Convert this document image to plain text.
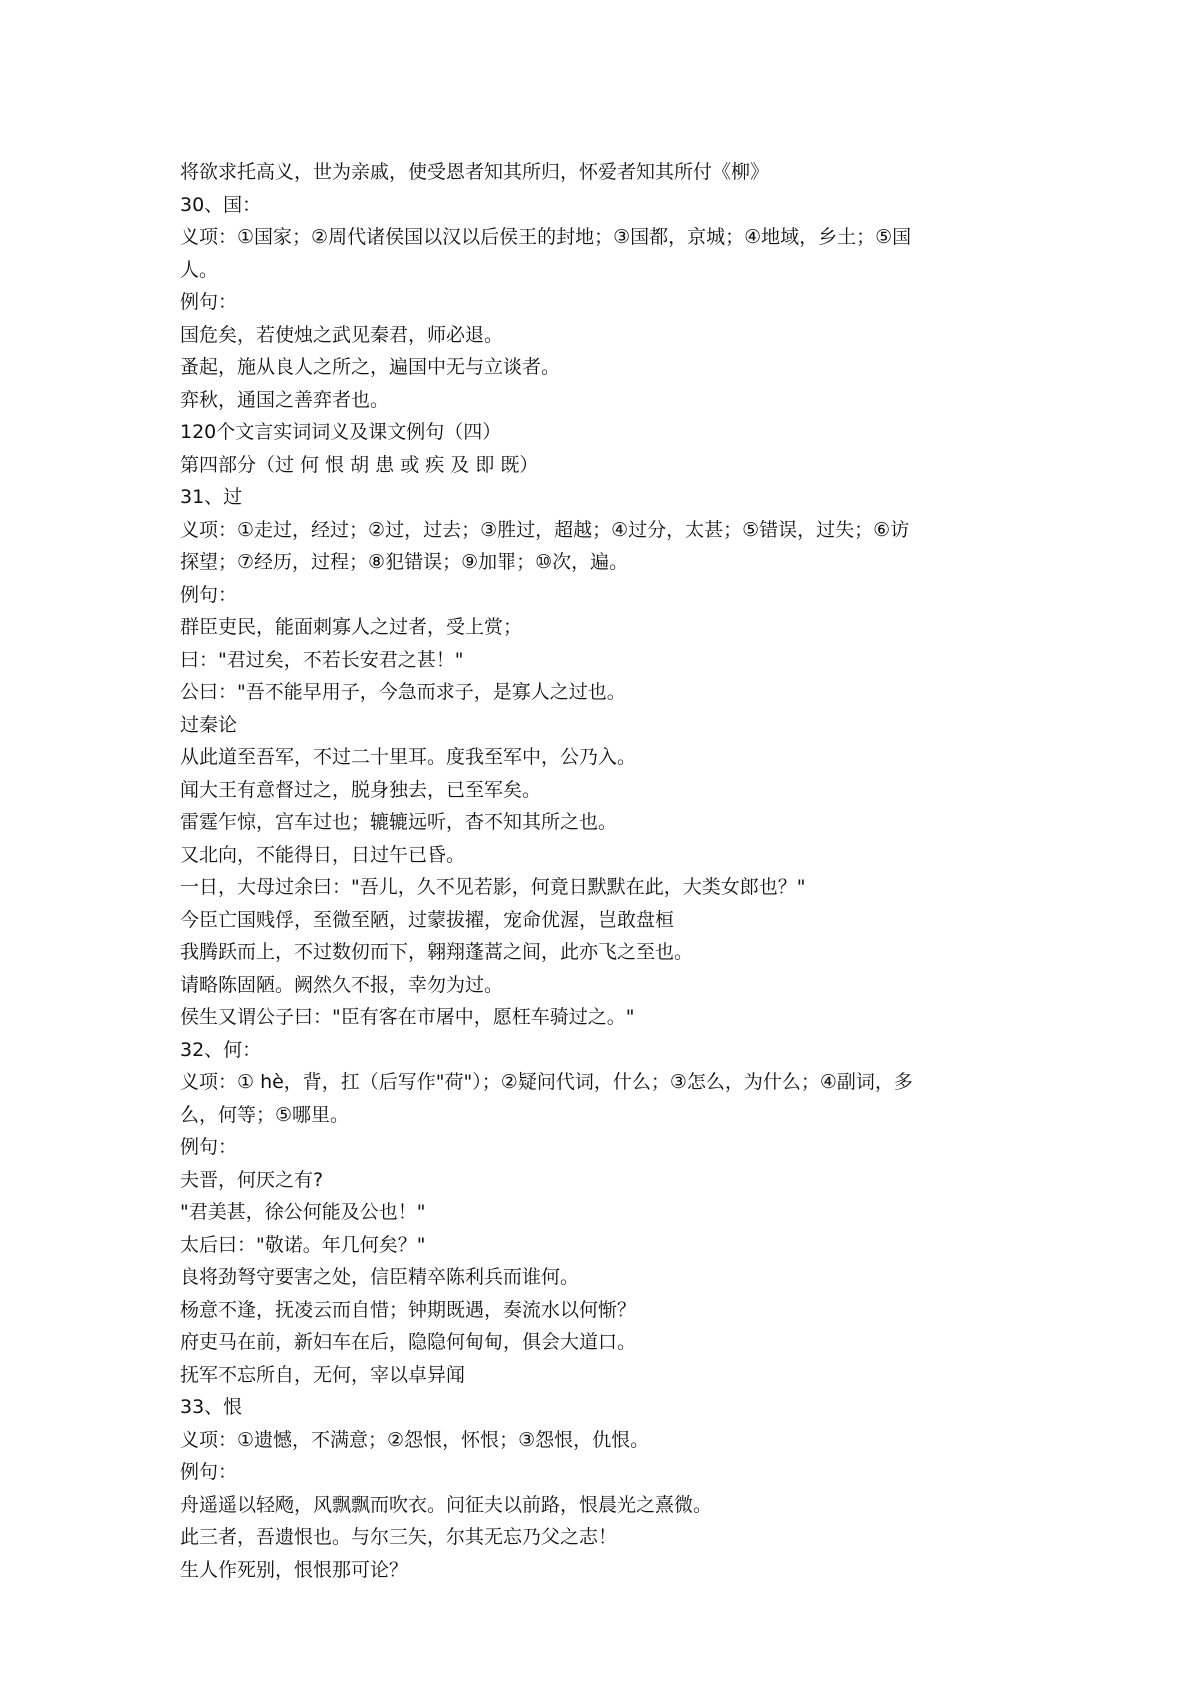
将欲求托高义，世为亲戚，使受恩者知其所归，怀爱者知其所付《柳》

30、国：

义项：①国家；②周代诸侯国以汉以后侯王的封地；③国都，京城；④地域，乡土；⑤国

人。

例句：

国危矣，若使烛之武见秦君，师必退。

蚤起，施从良人之所之，遍国中无与立谈者。

弈秋，通国之善弈者也。

120个文言实词词义及课文例句（四）

第四部分（过 何 恨 胡 患 或 疾 及 即 既）

31、过

义项：①走过，经过；②过，过去；③胜过，超越；④过分，太甚；⑤错误，过失；⑥访

探望；⑦经历，过程；⑧犯错误；⑨加罪；⑩次，遍。

例句：

群臣吏民，能面刺寡人之过者，受上赏；

曰："君过矣，不若长安君之甚！"

公曰："吾不能早用子，今急而求子，是寡人之过也。

过秦论

从此道至吾军，不过二十里耳。度我至军中，公乃入。

闻大王有意督过之，脱身独去，已至军矣。

雷霆乍惊，宫车过也；辘辘远听，杳不知其所之也。

又北向，不能得日，日过午已昏。

一日，大母过余曰："吾儿，久不见若影，何竟日默默在此，大类女郎也？"

今臣亡国贱俘，至微至陋，过蒙拔擢，宠命优渥，岂敢盘桓

我腾跃而上，不过数仞而下，翱翔蓬蒿之间，此亦飞之至也。

请略陈固陋。阙然久不报，幸勿为过。

侯生又谓公子曰："臣有客在市屠中，愿枉车骑过之。"

32、何：

义项：① hè，背，扛（后写作"荷"）；②疑问代词，什么；③怎么，为什么；④副词，多

么，何等；⑤哪里。

例句：

夫晋，何厌之有?

"君美甚，徐公何能及公也！"

太后曰："敬诺。年几何矣？"

良将劲弩守要害之处，信臣精卒陈利兵而谁何。

杨意不逢，抚凌云而自惜；钟期既遇，奏流水以何惭？

府吏马在前，新妇车在后，隐隐何甸甸，俱会大道口。

抚军不忘所自，无何，宰以卓异闻

33、恨

义项：①遗憾，不满意；②怨恨，怀恨；③怨恨，仇恨。

例句：

舟遥遥以轻飏，风飘飘而吹衣。问征夫以前路，恨晨光之熹微。

此三者，吾遗恨也。与尔三矢，尔其无忘乃父之志！

生人作死别，恨恨那可论？
